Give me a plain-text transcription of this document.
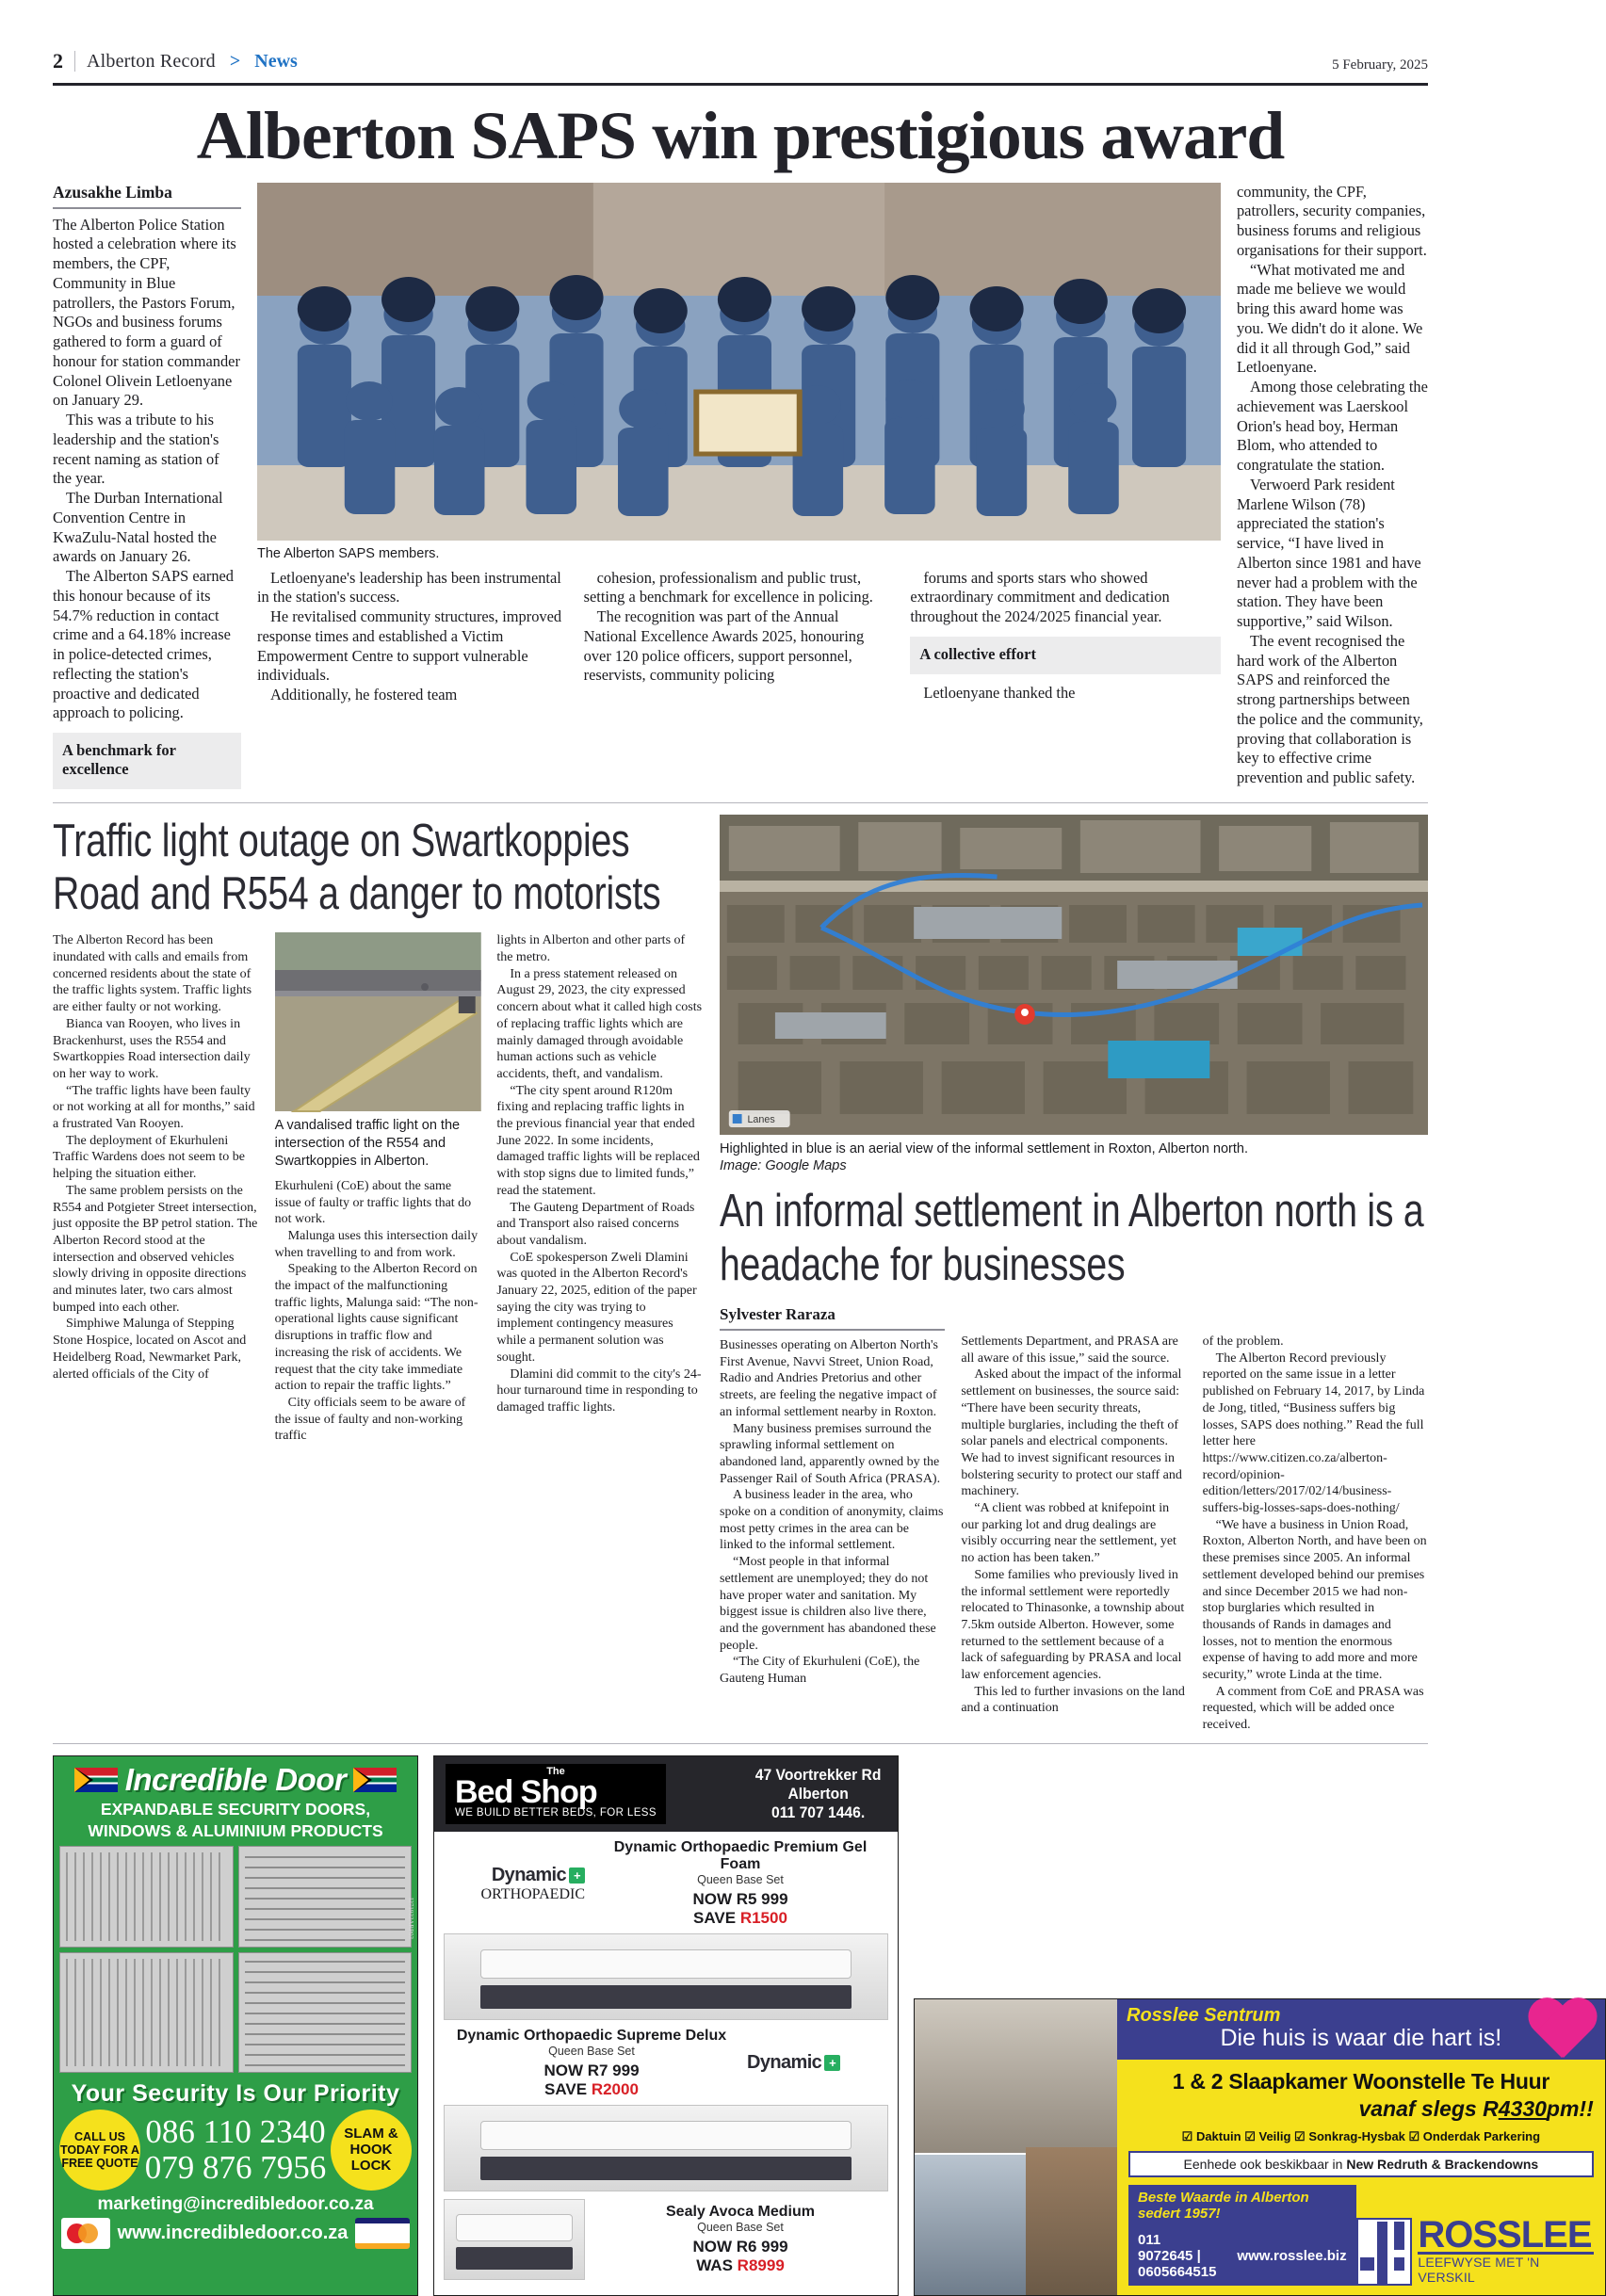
2 Alberton Record > News	5 February, 2025
Alberton SAPS win prestigious award
Azusakhe Limba

The Alberton Police Station hosted a celebration where its members, the CPF, Community in Blue patrollers, the Pastors Forum, NGOs and business forums gathered to form a guard of honour for station commander Colonel Olivein Letloenyane on January 29.

This was a tribute to his leadership and the station's recent naming as station of the year.

The Durban International Convention Centre in KwaZulu-Natal hosted the awards on January 26.

The Alberton SAPS earned this honour because of its 54.7% reduction in contact crime and a 64.18% increase in police-detected crimes, reflecting the station's proactive and dedicated approach to policing.

A benchmark for excellence
The Alberton SAPS members.

Letloenyane's leadership has been instrumental in the station's success.

He revitalised community structures, improved response times and established a Victim Empowerment Centre to support vulnerable individuals.

Additionally, he fostered team

cohesion, professionalism and public trust, setting a benchmark for excellence in policing.

The recognition was part of the Annual National Excellence Awards 2025, honouring over 120 police officers, support personnel, reservists, community policing

forums and sports stars who showed extraordinary commitment and dedication throughout the 2024/2025 financial year.

A collective effort

Letloenyane thanked the

community, the CPF, patrollers, security companies, business forums and religious organisations for their support.

“What motivated me and made me believe we would bring this award home was you. We didn't do it alone. We did it all through God,” said Letloenyane.

Among those celebrating the achievement was Laerskool Orion's head boy, Herman Blom, who attended to congratulate the station.

Verwoerd Park resident Marlene Wilson (78) appreciated the station's service, “I have lived in Alberton since 1981 and have never had a problem with the station. They have been supportive,” said Wilson.

The event recognised the hard work of the Alberton SAPS and reinforced the strong partnerships between the police and the community, proving that collaboration is key to effective crime prevention and public safety.

Traffic light outage on Swartkoppies Road and R554 a danger to motorists

The Alberton Record has been inundated with calls and emails from concerned residents about the state of the traffic lights system. Traffic lights are either faulty or not working.

Bianca van Rooyen, who lives in Brackenhurst, uses the R554 and Swartkoppies Road intersection daily on her way to work.

“The traffic lights have been faulty or not working at all for months,” said a frustrated Van Rooyen.

The deployment of Ekurhuleni Traffic Wardens does not seem to be helping the situation either.

The same problem persists on the R554 and Potgieter Street intersection, just opposite the BP petrol station. The Alberton Record stood at the intersection and observed vehicles slowly driving in opposite directions and minutes later, two cars almost bumped into each other.

Simphiwe Malunga of Stepping Stone Hospice, located on Ascot and Heidelberg Road, Newmarket Park, alerted officials of the City of

A vandalised traffic light on the intersection of the R554 and Swartkoppies in Alberton.

Ekurhuleni (CoE) about the same issue of faulty or traffic lights that do not work.

Malunga uses this intersection daily when travelling to and from work.

Speaking to the Alberton Record on the impact of the malfunctioning traffic lights, Malunga said: “The non-operational lights cause significant disruptions in traffic flow and increasing the risk of accidents. We request that the city take immediate action to repair the traffic lights.”

City officials seem to be aware of the issue of faulty and non-working traffic

lights in Alberton and other parts of the metro.

In a press statement released on August 29, 2023, the city expressed concern about what it called high costs of replacing traffic lights which are mainly damaged through avoidable human actions such as vehicle accidents, theft, and vandalism.

“The city spent around R120m fixing and replacing traffic lights in the previous financial year that ended June 2022. In some incidents, damaged traffic lights will be replaced with stop signs due to limited funds,” read the statement.

The Gauteng Department of Roads and Transport also raised concerns about vandalism.

CoE spokesperson Zweli Dlamini was quoted in the Alberton Record's January 22, 2025, edition of the paper saying the city was trying to implement contingency measures while a permanent solution was sought.

Dlamini did commit to the city's 24-hour turnaround time in responding to damaged traffic lights.

Lanes
Highlighted in blue is an aerial view of the informal settlement in Roxton, Alberton north.
Image: Google Maps
An informal settlement in Alberton north is a headache for businesses
Sylvester Raraza

Businesses operating on Alberton North's First Avenue, Navvi Street, Union Road, Radio and Andries Pretorius and other streets, are feeling the negative impact of an informal settlement nearby in Roxton.

Many business premises surround the sprawling informal settlement on abandoned land, apparently owned by the Passenger Rail of South Africa (PRASA).

A business leader in the area, who spoke on a condition of anonymity, claims most petty crimes in the area can be linked to the informal settlement.

“Most people in that informal settlement are unemployed; they do not have proper water and sanitation. My biggest issue is children also live there, and the government has abandoned these people.

“The City of Ekurhuleni (CoE), the Gauteng Human

Settlements Department, and PRASA are all aware of this issue,” said the source.

Asked about the impact of the informal settlement on businesses, the source said: “There have been security threats, multiple burglaries, including the theft of solar panels and electrical components. We had to invest significant resources in bolstering security to protect our staff and machinery.

“A client was robbed at knifepoint in our parking lot and drug dealings are visibly occurring near the settlement, yet no action has been taken.”

Some families who previously lived in the informal settlement were reportedly relocated to Thinasonke, a township about 7.5km outside Alberton. However, some returned to the settlement because of a lack of safeguarding by PRASA and local law enforcement agencies.

This led to further invasions on the land and a continuation

of the problem.

The Alberton Record previously reported on the same issue in a letter published on February 14, 2017, by Linda de Jong, titled, “Business suffers big losses, SAPS does nothing.” Read the full letter here https://www.citizen.co.za/alberton-record/opinion-edition/letters/2017/02/14/business-suffers-big-losses-saps-does-nothing/

“We have a business in Union Road, Roxton, Alberton North, and have been on these premises since 2005. An informal settlement developed behind our premises and since December 2015 we had non-stop burglaries which resulted in thousands of Rands in damages and losses, not to mention the enormous expense of having to add more and more security,” wrote Linda at the time.

A comment from CoE and PRASA was requested, which will be added once received.

Incredible Door
EXPANDABLE SECURITY DOORS,
WINDOWS & ALUMINIUM PRODUCTS
Your Security Is Our Priority
CALL US TODAY FOR A FREE QUOTE
086 110 2340
079 876 7956
SLAM & HOOK LOCK
marketing@incredibledoor.co.za
www.incredibledoor.co.za VISA
I271922ARP03
The
Bed Shop
WE BUILD BETTER BEDS, FOR LESS
47 Voortrekker Rd
Alberton
011 707 1446.
Dynamic +
ORTHOPAEDIC
Dynamic Orthopaedic Premium Gel Foam
Queen Base Set
NOW R5 999
SAVE R1500
Dynamic Orthopaedic Supreme Delux
Queen Base Set
NOW R7 999
SAVE R2000
Dynamic +
Sealy Avoca Medium
Queen Base Set
NOW R6 999
WAS R8999
Rosslee Sentrum
Die huis is waar die hart is!
1 & 2 Slaapkamer Woonstelle Te Huur
vanaf slegs R4330pm!!
☑ Daktuin ☑ Veilig ☑ Sonkrag-Hysbak ☑ Onderdak Parkering
Eenhede ook beskikbaar in New Redruth & Brackendowns
Beste Waarde in Alberton sedert 1957!
011 9072645 | 0605664515
www.rosslee.biz ROSSLEE
LEEFWYSE MET 'N VERSKIL
